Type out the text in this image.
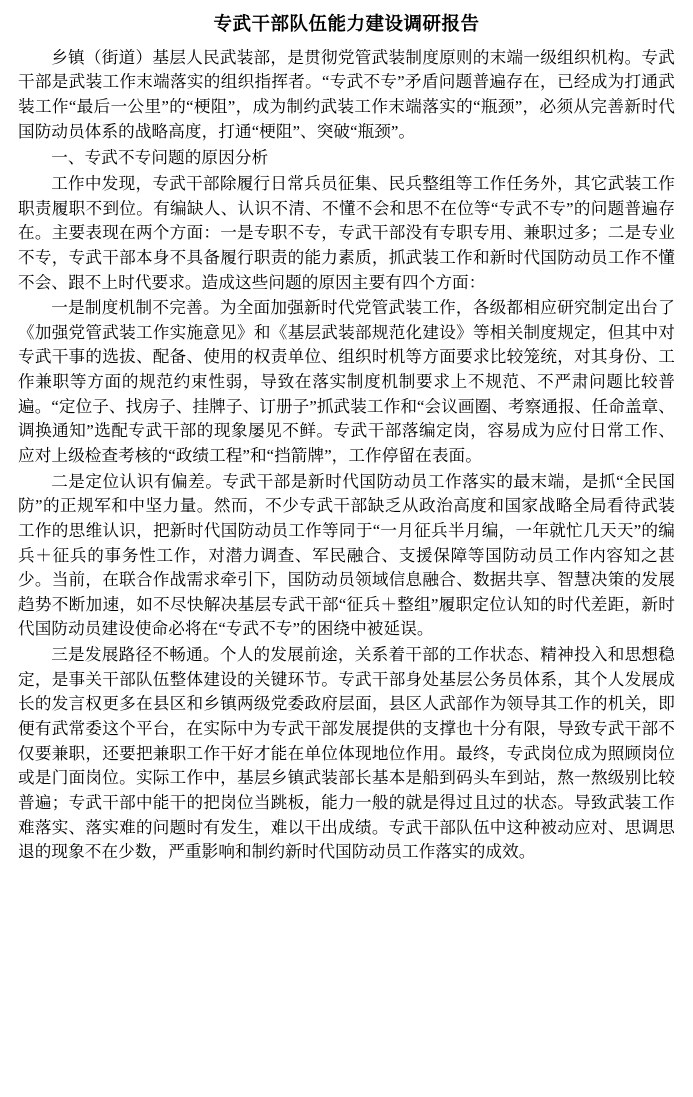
专武干部队伍能力建设调研报告
乡镇（街道）基层人民武装部，是贯彻党管武装制度原则的末端一级组织机构。专武干部是武装工作末端落实的组织指挥者。“专武不专”矛盾问题普遍存在，已经成为打通武装工作“最后一公里”的“梗阻”，成为制约武装工作末端落实的“瓶颈”，必须从完善新时代国防动员体系的战略高度，打通“梗阻”、突破“瓶颈”。
一、专武不专问题的原因分析
工作中发现，专武干部除履行日常兵员征集、民兵整组等工作任务外，其它武装工作职责履职不到位。有编缺人、认识不清、不懂不会和思不在位等“专武不专”的问题普遍存在。主要表现在两个方面：一是专职不专，专武干部没有专职专用、兼职过多；二是专业不专，专武干部本身不具备履行职责的能力素质，抓武装工作和新时代国防动员工作不懂不会、跟不上时代要求。造成这些问题的原因主要有四个方面：
一是制度机制不完善。为全面加强新时代党管武装工作，各级都相应研究制定出台了《加强党管武装工作实施意见》和《基层武装部规范化建设》等相关制度规定，但其中对专武干事的选拔、配备、使用的权责单位、组织时机等方面要求比较笼统，对其身份、工作兼职等方面的规范约束性弱，导致在落实制度机制要求上不规范、不严肃问题比较普遍。“定位子、找房子、挂牌子、订册子”抓武装工作和“会议画圈、考察通报、任命盖章、调换通知”选配专武干部的现象屡见不鲜。专武干部落编定岗，容易成为应付日常工作、应对上级检查考核的“政绩工程”和“挡箭牌”，工作停留在表面。
二是定位认识有偏差。专武干部是新时代国防动员工作落实的最末端，是抓“全民国防”的正规军和中坚力量。然而，不少专武干部缺乏从政治高度和国家战略全局看待武装工作的思维认识，把新时代国防动员工作等同于“一月征兵半月编，一年就忙几天天”的编兵＋征兵的事务性工作，对潜力调查、军民融合、支援保障等国防动员工作内容知之甚少。当前，在联合作战需求牵引下，国防动员领域信息融合、数据共享、智慧决策的发展趋势不断加速，如不尽快解决基层专武干部“征兵＋整组”履职定位认知的时代差距，新时代国防动员建设使命必将在“专武不专”的困绕中被延误。
三是发展路径不畅通。个人的发展前途，关系着干部的工作状态、精神投入和思想稳定，是事关干部队伍整体建设的关键环节。专武干部身处基层公务员体系，其个人发展成长的发言权更多在县区和乡镇两级党委政府层面，县区人武部作为领导其工作的机关，即便有武常委这个平台，在实际中为专武干部发展提供的支撑也十分有限，导致专武干部不仅要兼职，还要把兼职工作干好才能在单位体现地位作用。最终，专武岗位成为照顾岗位或是门面岗位。实际工作中，基层乡镇武装部长基本是船到码头车到站，熬一熬级别比较普遍；专武干部中能干的把岗位当跳板，能力一般的就是得过且过的状态。导致武装工作难落实、落实难的问题时有发生，难以干出成绩。专武干部队伍中这种被动应对、思调思退的现象不在少数，严重影响和制约新时代国防动员工作落实的成效。
